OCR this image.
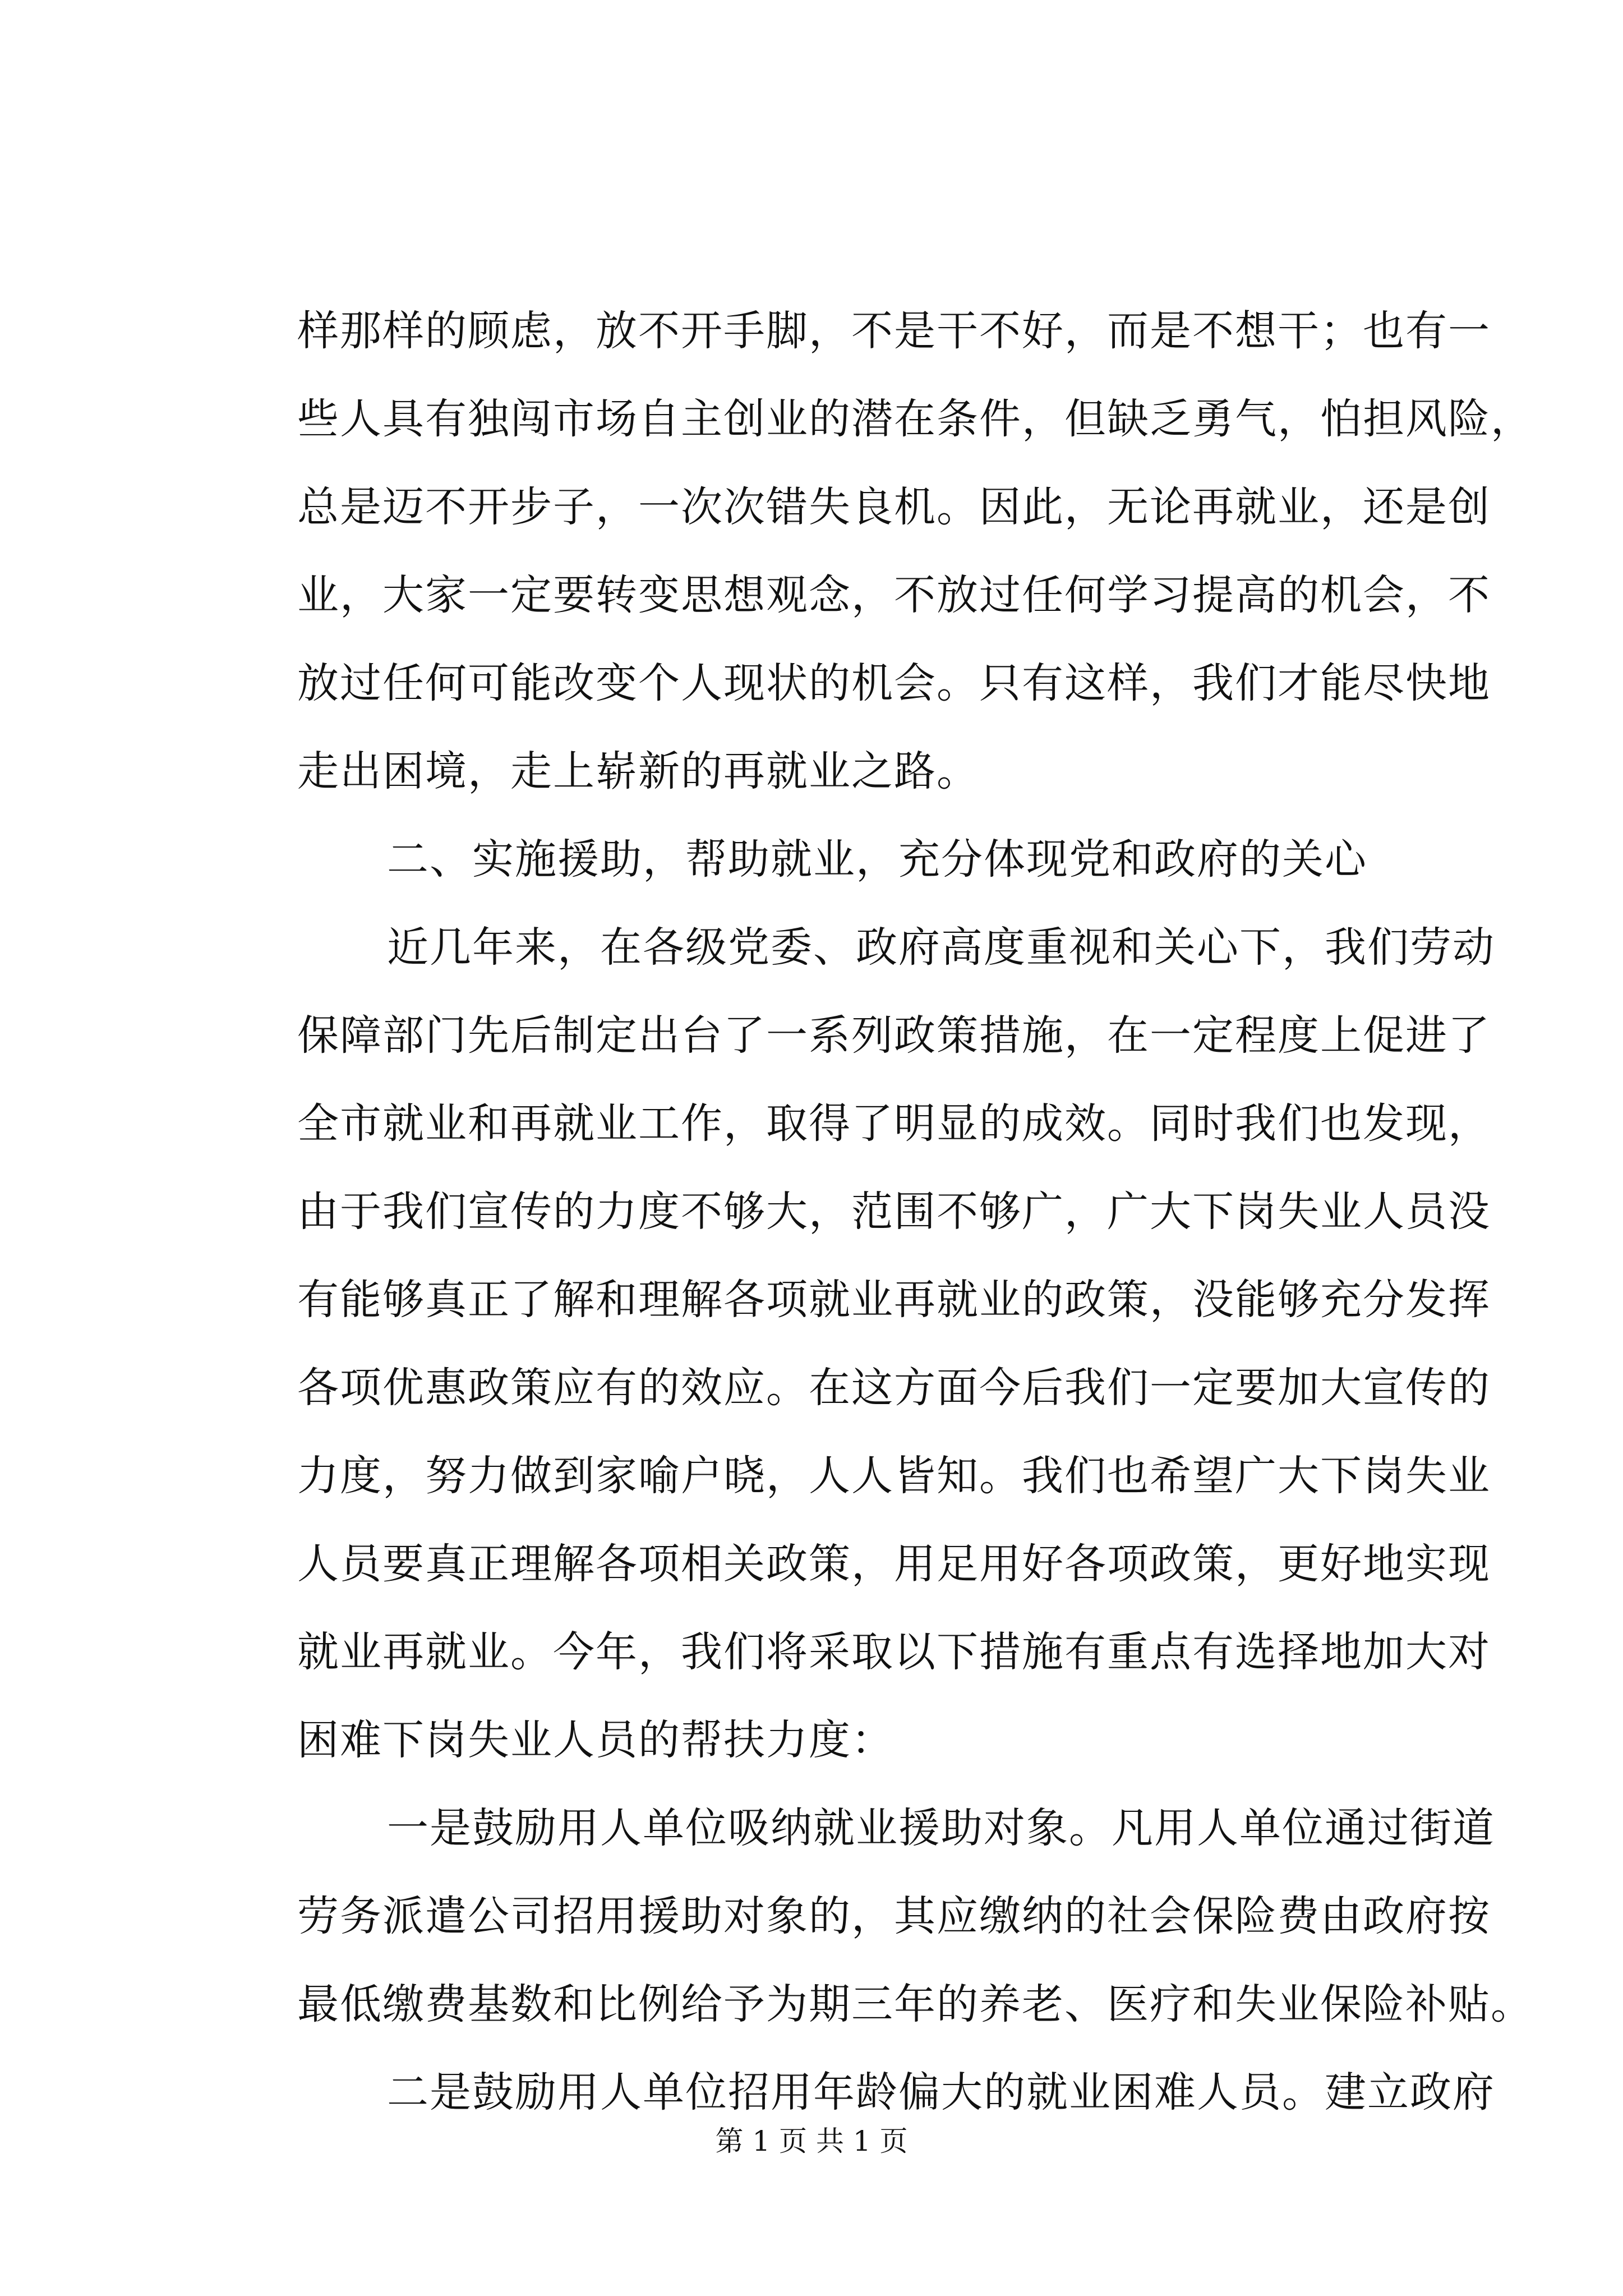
样那样的顾虑，放不开手脚，不是干不好，而是不想干；也有一
些人具有独闯市场自主创业的潜在条件，但缺乏勇气，怕担风险，
总是迈不开步子，一次次错失良机。因此，无论再就业，还是创
业，大家一定要转变思想观念，不放过任何学习提高的机会，不
放过任何可能改变个人现状的机会。只有这样，我们才能尽快地
走出困境，走上崭新的再就业之路。
二、实施援助，帮助就业，充分体现党和政府的关心
近几年来，在各级党委、政府高度重视和关心下，我们劳动
保障部门先后制定出台了一系列政策措施，在一定程度上促进了
全市就业和再就业工作，取得了明显的成效。同时我们也发现，
由于我们宣传的力度不够大，范围不够广，广大下岗失业人员没
有能够真正了解和理解各项就业再就业的政策，没能够充分发挥
各项优惠政策应有的效应。在这方面今后我们一定要加大宣传的
力度，努力做到家喻户晓，人人皆知。我们也希望广大下岗失业
人员要真正理解各项相关政策，用足用好各项政策，更好地实现
就业再就业。今年，我们将采取以下措施有重点有选择地加大对
困难下岗失业人员的帮扶力度：
一是鼓励用人单位吸纳就业援助对象。凡用人单位通过街道
劳务派遣公司招用援助对象的，其应缴纳的社会保险费由政府按
最低缴费基数和比例给予为期三年的养老、医疗和失业保险补贴。
二是鼓励用人单位招用年龄偏大的就业困难人员。建立政府
第 1 页 共 1 页
